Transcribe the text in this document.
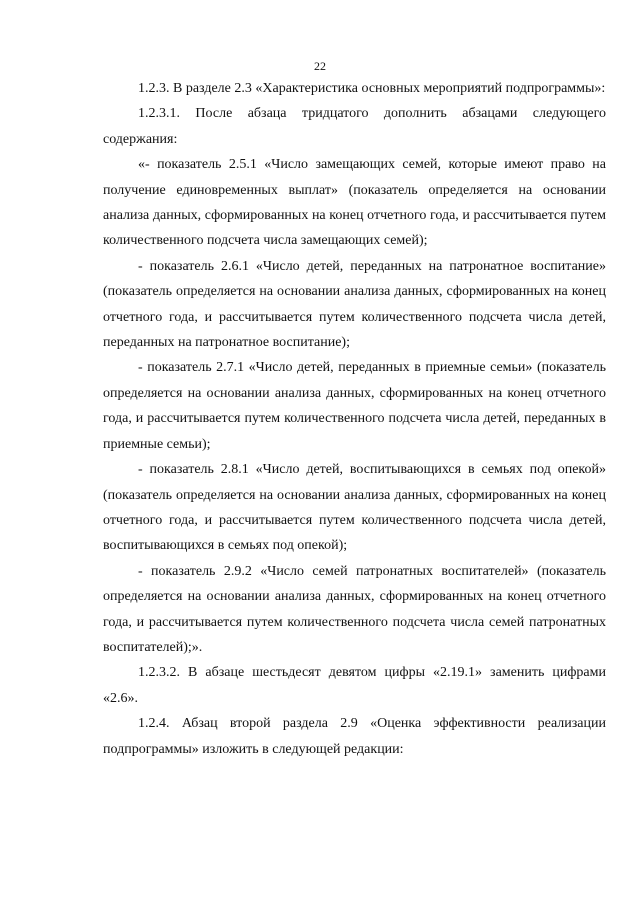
22

1.2.3. В разделе 2.3 «Характеристика основных мероприятий подпрограммы»:

1.2.3.1. После абзаца тридцатого дополнить абзацами следующего содержания:

«- показатель 2.5.1 «Число замещающих семей, которые имеют право на получение единовременных выплат» (показатель определяется на основании анализа данных, сформированных на конец отчетного года, и рассчитывается путем количественного подсчета числа замещающих семей);

- показатель 2.6.1 «Число детей, переданных на патронатное воспитание» (показатель определяется на основании анализа данных, сформированных на конец отчетного года, и рассчитывается путем количественного подсчета числа детей, переданных на патронатное воспитание);

- показатель 2.7.1 «Число детей, переданных в приемные семьи» (показатель определяется на основании анализа данных, сформированных на конец отчетного года, и рассчитывается путем количественного подсчета числа детей, переданных в приемные семьи);

- показатель 2.8.1 «Число детей, воспитывающихся в семьях под опекой» (показатель определяется на основании анализа данных, сформированных на конец отчетного года, и рассчитывается путем количественного подсчета числа детей, воспитывающихся в семьях под опекой);

- показатель 2.9.2 «Число семей патронатных воспитателей» (показатель определяется на основании анализа данных, сформированных на конец отчетного года, и рассчитывается путем количественного подсчета числа семей патронатных воспитателей);».

1.2.3.2. В абзаце шестьдесят девятом цифры «2.19.1» заменить цифрами «2.6».

1.2.4. Абзац второй раздела 2.9 «Оценка эффективности реализации подпрограммы» изложить в следующей редакции:
